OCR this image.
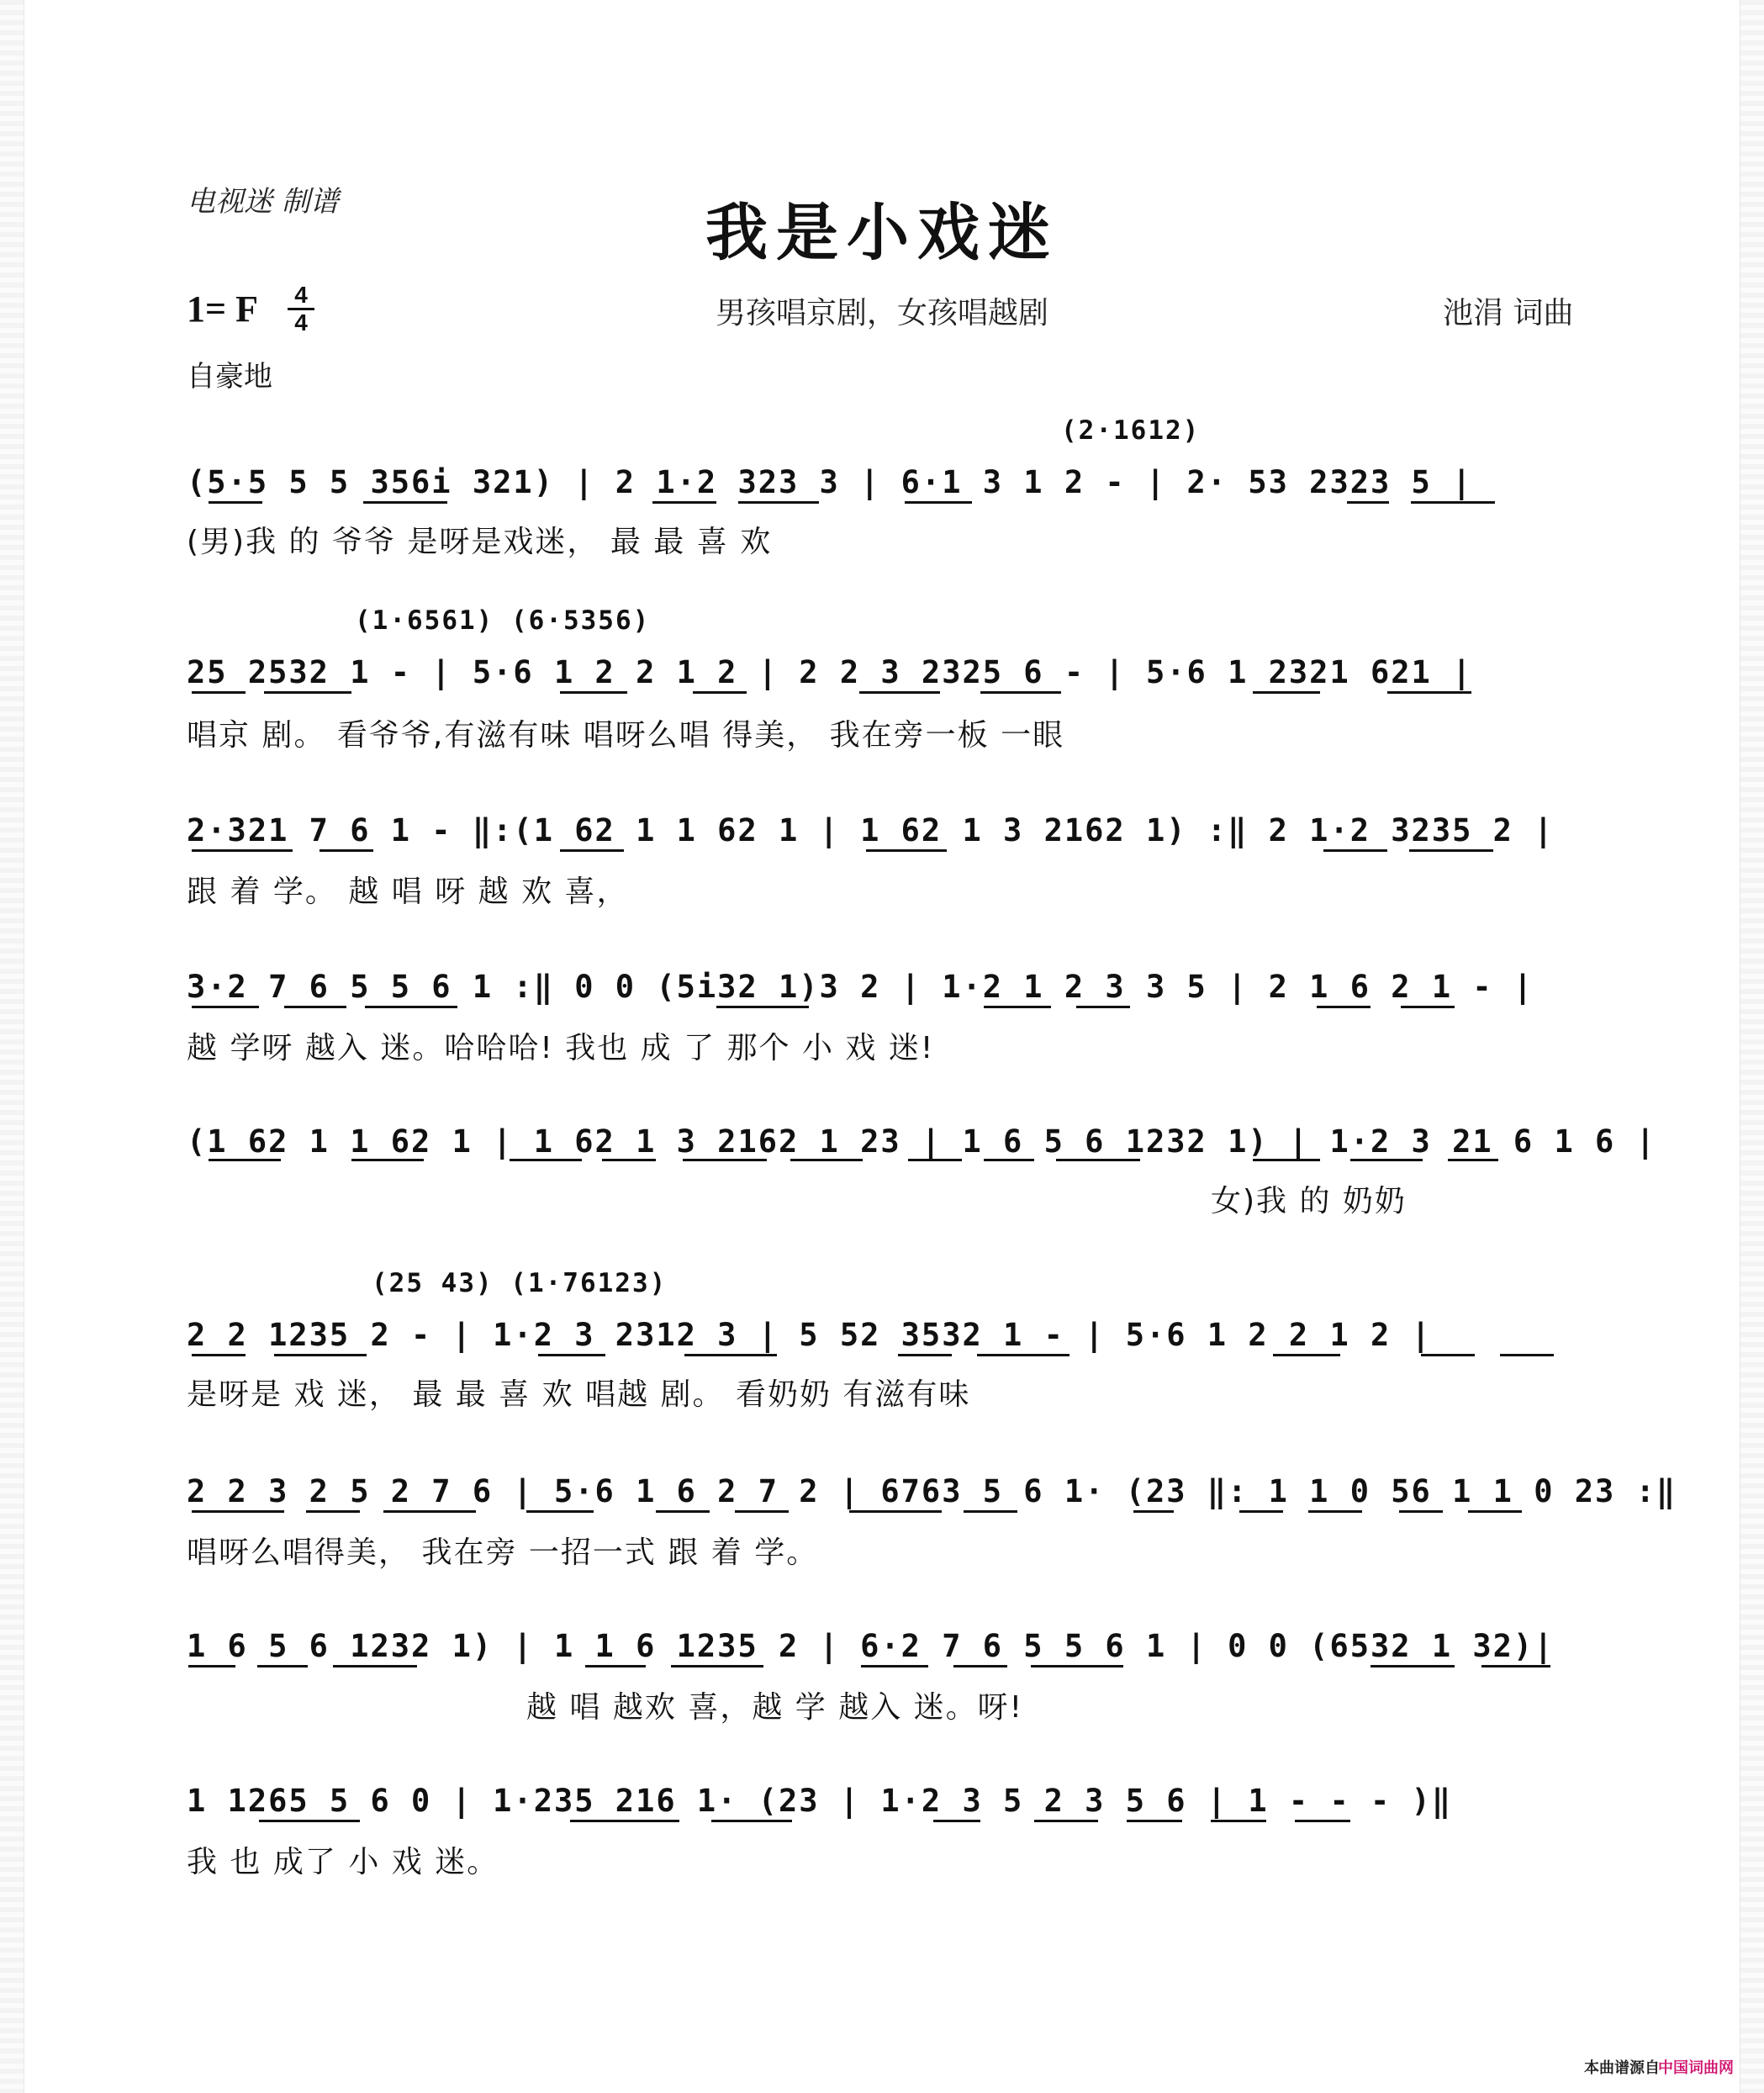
电视迷 制谱	我是小戏迷
1= F 4
4	男孩唱京剧，女孩唱越剧	池涓 词曲
自豪地
(2·1612)
(5·5 5 5 356i 321) | 2 1·2 323 3 | 6·1 3 1 2 - | 2· 53 2323 5 |
(男)我 的 爷爷 是呀是戏迷， 最 最 喜 欢
(1·6561) (6·5356)
25 2532 1 - | 5·6 1 2 2 1 2 | 2 2 3 2325 6 - | 5·6 1 2321 621 |
唱京 剧。 看爷爷,有滋有味 唱呀么唱 得美， 我在旁一板 一眼
2·321 7 6 1 - ‖:(1 62 1 1 62 1 | 1 62 1 3 2162 1) :‖ 2 1·2 3235 2 |
跟 着 学。 越 唱 呀 越 欢 喜，
3·2 7 6 5 5 6 1 :‖ 0 0 (5i32 1)3 2 | 1·2 1 2 3 3 5 | 2 1 6 2 1 - |
越 学呀 越入 迷。哈哈哈! 我也 成 了 那个 小 戏 迷!
(1 62 1 1 62 1 | 1 62 1 3 2162 1 23 | 1 6 5 6 1232 1) | 1·2 3 21 6 1 6 |
女)我 的 奶奶
(25 43) (1·76123)
2 2 1235 2 - | 1·2 3 2312 3 | 5 52 3532 1 - | 5·6 1 2 2 1 2 |
是呀是 戏 迷， 最 最 喜 欢 唱越 剧。 看奶奶 有滋有味
2 2 3 2 5 2 7 6 | 5·6 1 6 2 7 2 | 6763 5 6 1· (23 ‖: 1 1 0 56 1 1 0 23 :‖
唱呀么唱得美， 我在旁 一招一式 跟 着 学。
1 6 5 6 1232 1) | 1 1 6 1235 2 | 6·2 7 6 5 5 6 1 | 0 0 (6532 1 32)|
越 唱 越欢 喜，越 学 越入 迷。呀!
1 1265 5 6 0 | 1·235 216 1· (23 | 1·2 3 5 2 3 5 6 | 1 - - - )‖
我 也 成了 小 戏 迷。
本曲谱源自
中国词曲网
